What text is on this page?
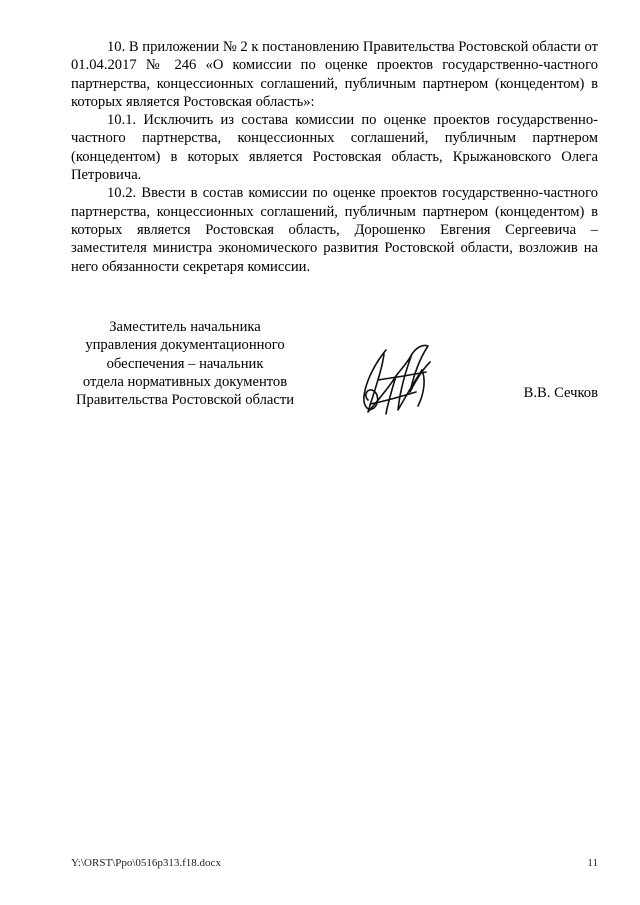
10. В приложении № 2 к постановлению Правительства Ростовской области от 01.04.2017 № 246 «О комиссии по оценке проектов государственно-частного партнерства, концессионных соглашений, публичным партнером (концедентом) в которых является Ростовская область»:

10.1. Исключить из состава комиссии по оценке проектов государственно-частного партнерства, концессионных соглашений, публичным партнером (концедентом) в которых является Ростовская область, Крыжановского Олега Петровича.

10.2. Ввести в состав комиссии по оценке проектов государственно-частного партнерства, концессионных соглашений, публичным партнером (концедентом) в которых является Ростовская область, Дорошенко Евгения Сергеевича – заместителя министра экономического развития Ростовской области, возложив на него обязанности секретаря комиссии.

Заместитель начальника
управления документационного
обеспечения – начальник
отдела нормативных документов
Правительства Ростовской области	В.В. Сечков
Y:\ORST\Ppo\0516p313.f18.docx	11
